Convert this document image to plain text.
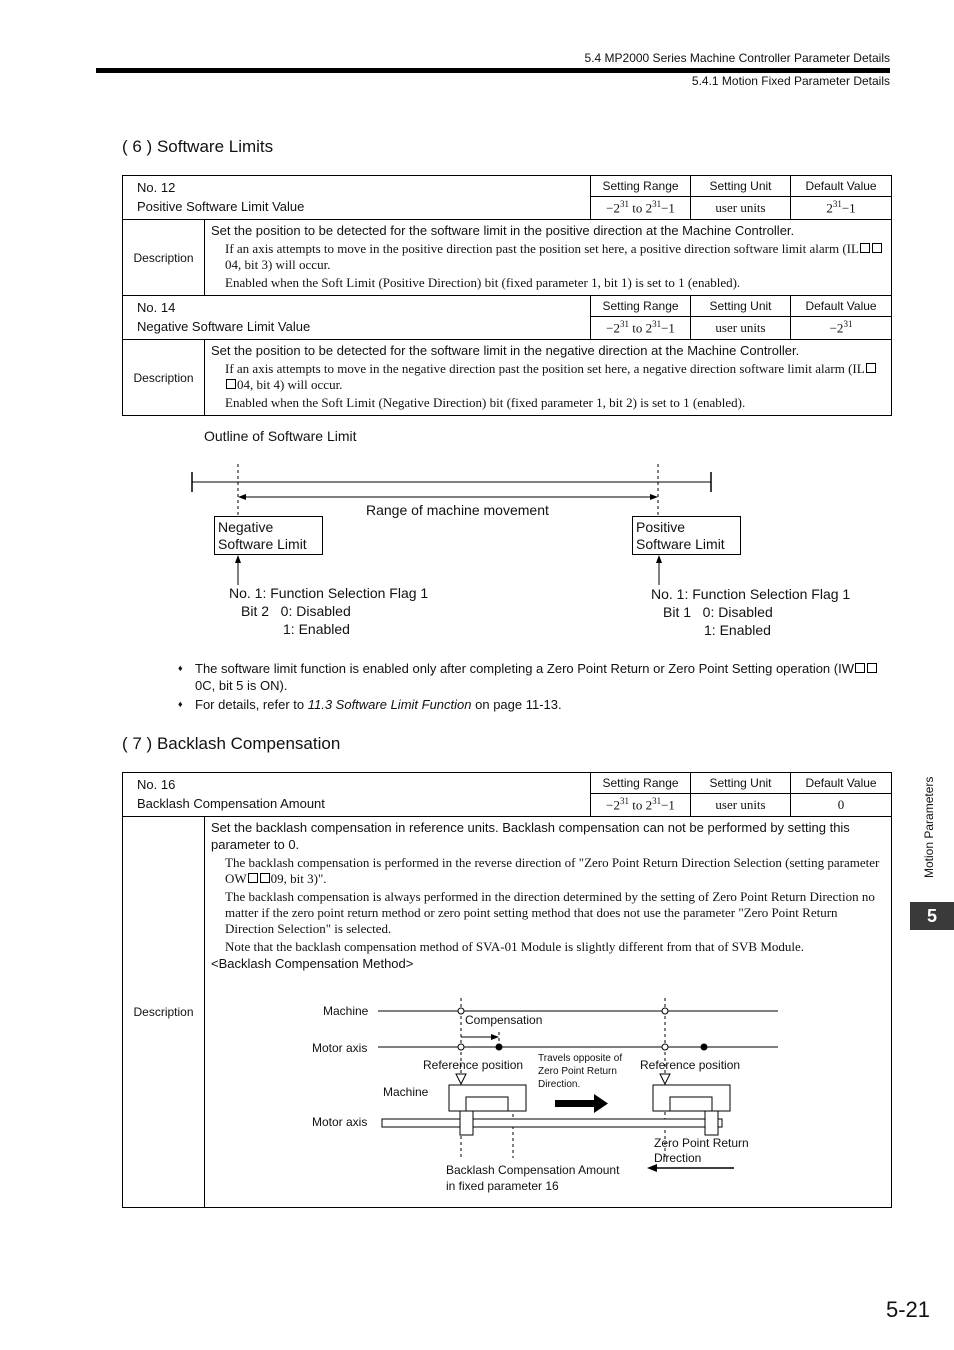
5.4 MP2000 Series Machine Controller Parameter Details
5.4.1 Motion Fixed Parameter Details
( 6 ) Software Limits
No. 12
Positive Software Limit Value		Setting Range	Setting Unit	Default Value
		$-2^{31}$ to $2^{31}-1$	user units	$2^{31}-1$
Description	Set the position to be detected for the software limit in the positive direction at the Machine Controller.
If an axis attempts to move in the positive direction past the position set here, a positive direction software limit alarm (IL04, bit 3) will occur.
Enabled when the Soft Limit (Positive Direction) bit (fixed parameter 1, bit 1) is set to 1 (enabled).			

No. 14
Negative Software Limit Value		Setting Range	Setting Unit	Default Value
		$-2^{31}$ to $2^{31}-1$	user units	$-2^{31}$
Description	Set the position to be detected for the software limit in the negative direction at the Machine Controller.
If an axis attempts to move in the negative direction past the position set here, a negative direction software limit alarm (IL04, bit 4) will occur.
Enabled when the Soft Limit (Negative Direction) bit (fixed parameter 1, bit 2) is set to 1 (enabled).			
Outline of Software Limit
Range of machine movement
Negative
Software Limit
Positive
Software Limit
No. 1: Function Selection Flag 1
Bit 2   0: Disabled
1: Enabled
No. 1: Function Selection Flag 1
Bit 1   0: Disabled
1: Enabled
♦ The software limit function is enabled only after completing a Zero Point Return or Zero Point Setting operation (IW0C, bit 5 is ON).
♦ For details, refer to 11.3 Software Limit Function on page 11-13.
( 7 ) Backlash Compensation
No. 16
Backlash Compensation Amount		Setting Range	Setting Unit	Default Value
		$-2^{31}$ to $2^{31}-1$	user units	0
Description	Set the backlash compensation in reference units. Backlash compensation can not be performed by setting this parameter to 0.
The backlash compensation is performed in the reverse direction of "Zero Point Return Direction Selection (setting parameter OW 09, bit 3)".
The backlash compensation is always performed in the direction determined by the setting of Zero Point Return Direction no matter if the zero point return method or zero point setting method that does not use the parameter "Zero Point Return Direction Selection" is selected.
Note that the backlash compensation method of SVA-01 Module is slightly different from that of SVB Module.
<Backlash Compensation Method>			
Machine
Compensation
Motor axis
Reference position Travels opposite of
Zero Point Return
Direction.
Reference position
Machine
Motor axis
Zero Point Return
Direction
Backlash Compensation Amount
in fixed parameter 16
Motion Parameters
5
5-21
